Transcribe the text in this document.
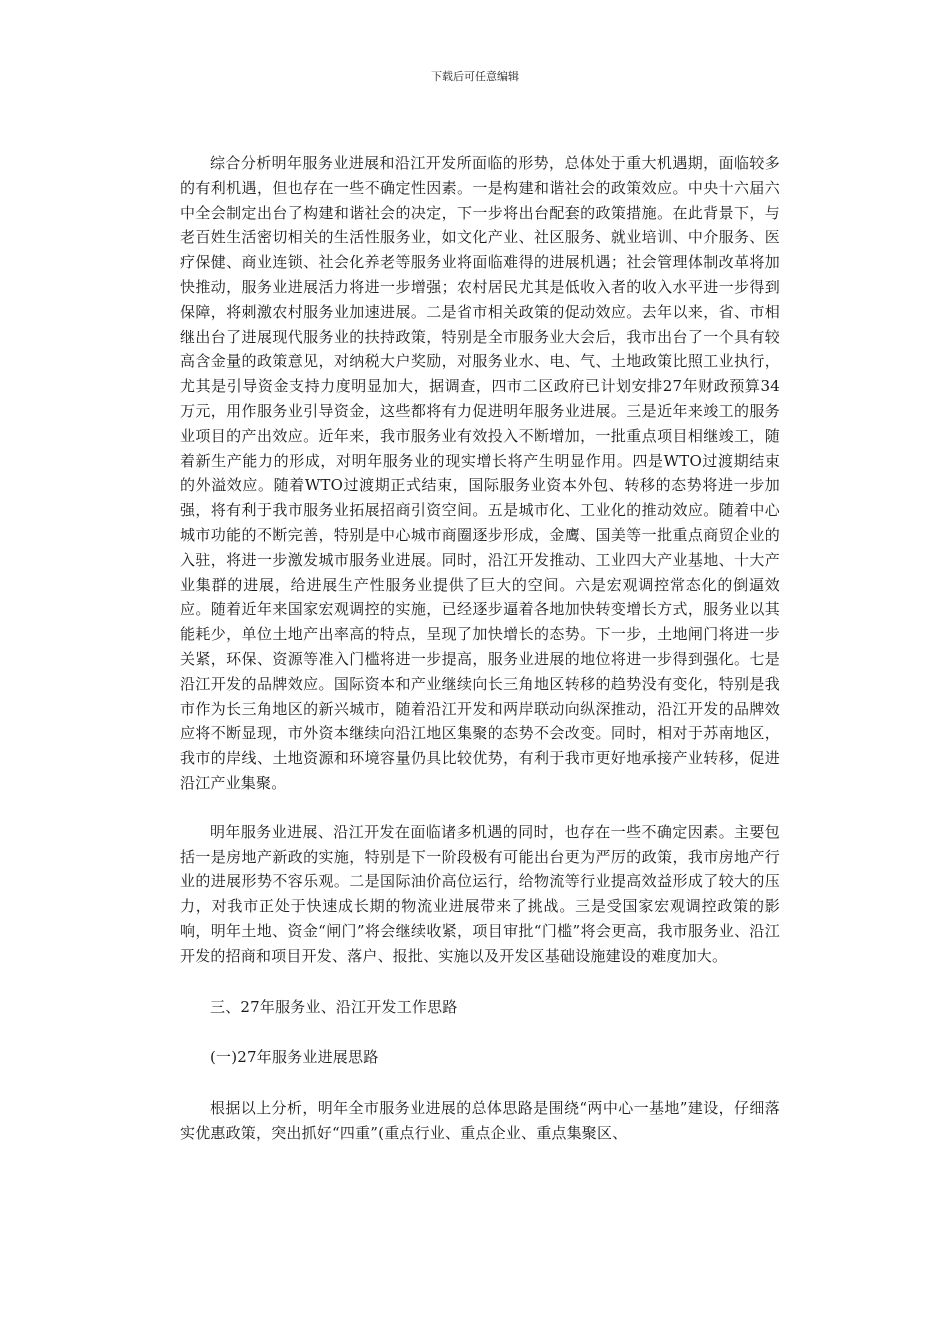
下载后可任意编辑

综合分析明年服务业进展和沿江开发所面临的形势，总体处于重大机遇期，面临较多的有利机遇，但也存在一些不确定性因素。一是构建和谐社会的政策效应。中央十六届六中全会制定出台了构建和谐社会的决定，下一步将出台配套的政策措施。在此背景下，与老百姓生活密切相关的生活性服务业，如文化产业、社区服务、就业培训、中介服务、医疗保健、商业连锁、社会化养老等服务业将面临难得的进展机遇；社会管理体制改革将加快推动，服务业进展活力将进一步增强；农村居民尤其是低收入者的收入水平进一步得到保障，将刺激农村服务业加速进展。二是省市相关政策的促动效应。去年以来，省、市相继出台了进展现代服务业的扶持政策，特别是全市服务业大会后，我市出台了一个具有较高含金量的政策意见，对纳税大户奖励，对服务业水、电、气、土地政策比照工业执行，尤其是引导资金支持力度明显加大，据调查，四市二区政府已计划安排27年财政预算34万元，用作服务业引导资金，这些都将有力促进明年服务业进展。三是近年来竣工的服务业项目的产出效应。近年来，我市服务业有效投入不断增加，一批重点项目相继竣工，随着新生产能力的形成，对明年服务业的现实增长将产生明显作用。四是WTO过渡期结束的外溢效应。随着WTO过渡期正式结束，国际服务业资本外包、转移的态势将进一步加强，将有利于我市服务业拓展招商引资空间。五是城市化、工业化的推动效应。随着中心城市功能的不断完善，特别是中心城市商圈逐步形成，金鹰、国美等一批重点商贸企业的入驻，将进一步激发城市服务业进展。同时，沿江开发推动、工业四大产业基地、十大产业集群的进展，给进展生产性服务业提供了巨大的空间。六是宏观调控常态化的倒逼效应。随着近年来国家宏观调控的实施，已经逐步逼着各地加快转变增长方式，服务业以其能耗少，单位土地产出率高的特点，呈现了加快增长的态势。下一步，土地闸门将进一步关紧，环保、资源等准入门槛将进一步提高，服务业进展的地位将进一步得到强化。七是沿江开发的品牌效应。国际资本和产业继续向长三角地区转移的趋势没有变化，特别是我市作为长三角地区的新兴城市，随着沿江开发和两岸联动向纵深推动，沿江开发的品牌效应将不断显现，市外资本继续向沿江地区集聚的态势不会改变。同时，相对于苏南地区，我市的岸线、土地资源和环境容量仍具比较优势，有利于我市更好地承接产业转移，促进沿江产业集聚。

明年服务业进展、沿江开发在面临诸多机遇的同时，也存在一些不确定因素。主要包括一是房地产新政的实施，特别是下一阶段极有可能出台更为严厉的政策，我市房地产行业的进展形势不容乐观。二是国际油价高位运行，给物流等行业提高效益形成了较大的压力，对我市正处于快速成长期的物流业进展带来了挑战。三是受国家宏观调控政策的影响，明年土地、资金“闸门”将会继续收紧，项目审批“门槛”将会更高，我市服务业、沿江开发的招商和项目开发、落户、报批、实施以及开发区基础设施建设的难度加大。

三、27年服务业、沿江开发工作思路

(一)27年服务业进展思路

根据以上分析，明年全市服务业进展的总体思路是围绕“两中心一基地”建设，仔细落实优惠政策，突出抓好“四重”(重点行业、重点企业、重点集聚区、
